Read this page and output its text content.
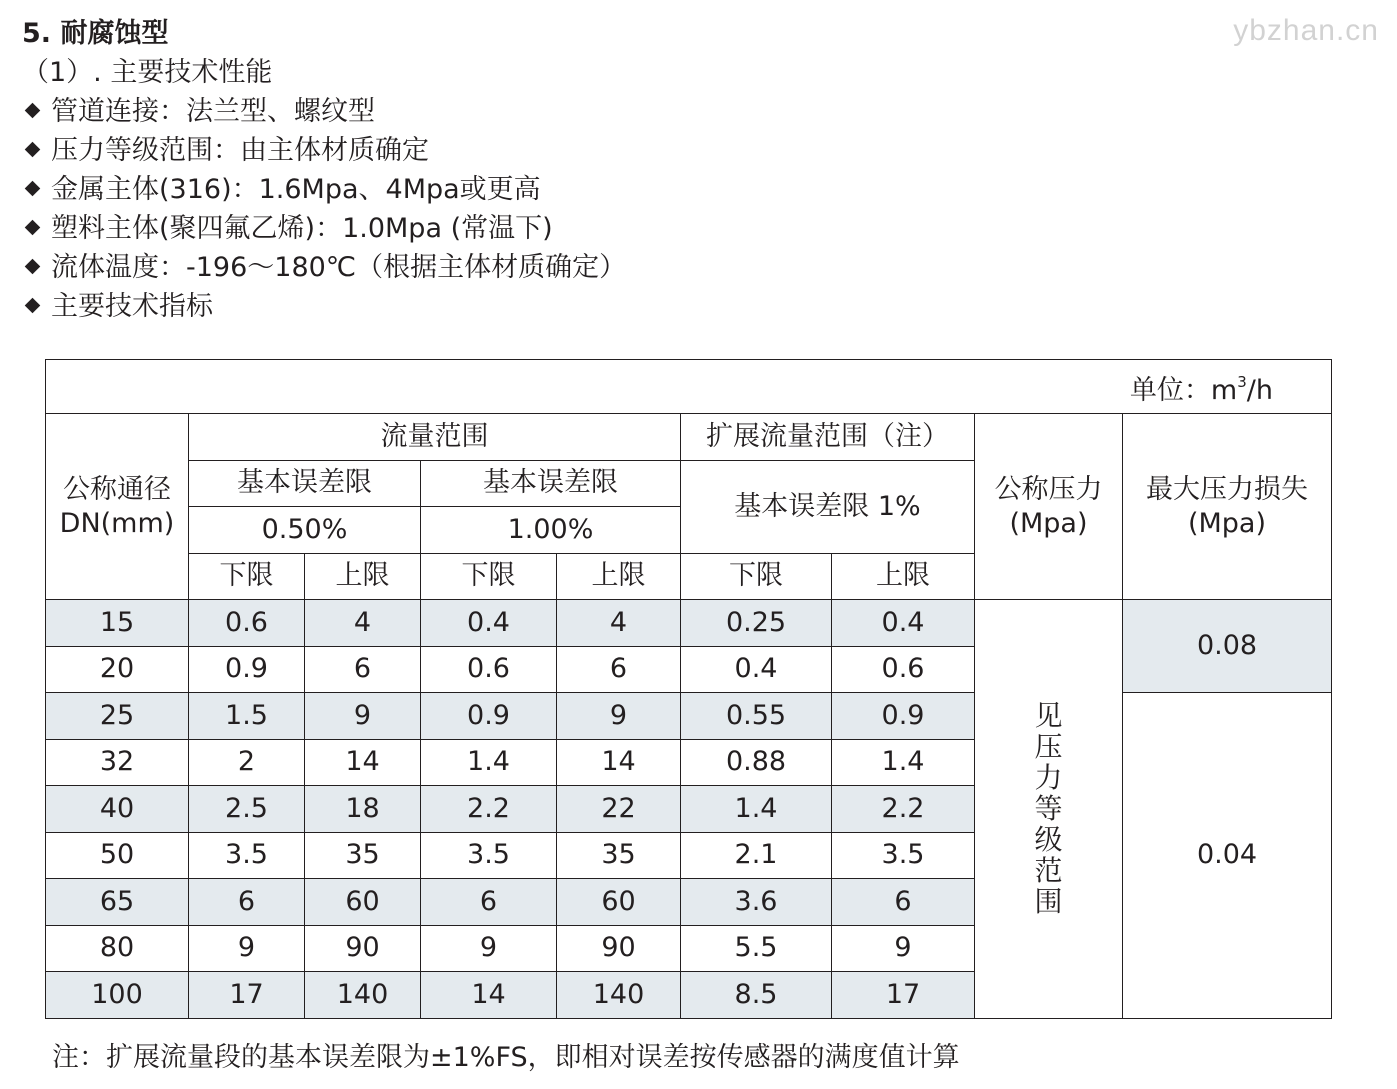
ybzhan.cn
5. 耐腐蚀型
（1）. 主要技术性能
管道连接：法兰型、螺纹型
压力等级范围：由主体材质确定
金属主体(316)：1.6Mpa、4Mpa或更高
塑料主体(聚四氟乙烯)：1.0Mpa (常温下)
流体温度：-196～180℃（根据主体材质确定）
主要技术指标
单位：$m^3/h$								
公称通径DN(mm)	流量范围				扩展流量范围（注）		公称压力(Mpa)	最大压力损失(Mpa)
	基本误差限		基本误差限		基本误差限 1%			
	0.50%		1.00%					
	下限	上限	下限	上限	下限	上限		
15	0.6	4	0.4	4	0.25	0.4	见压力等级范围	0.08
20	0.9	6	0.6	6	0.4	0.6		
25	1.5	9	0.9	9	0.55	0.9		0.04
32	2	14	1.4	14	0.88	1.4		
40	2.5	18	2.2	22	1.4	2.2		
50	3.5	35	3.5	35	2.1	3.5		
65	6	60	6	60	3.6	6		
80	9	90	9	90	5.5	9		
100	17	140	14	140	8.5	17		
注：扩展流量段的基本误差限为±1%FS，即相对误差按传感器的满度值计算
